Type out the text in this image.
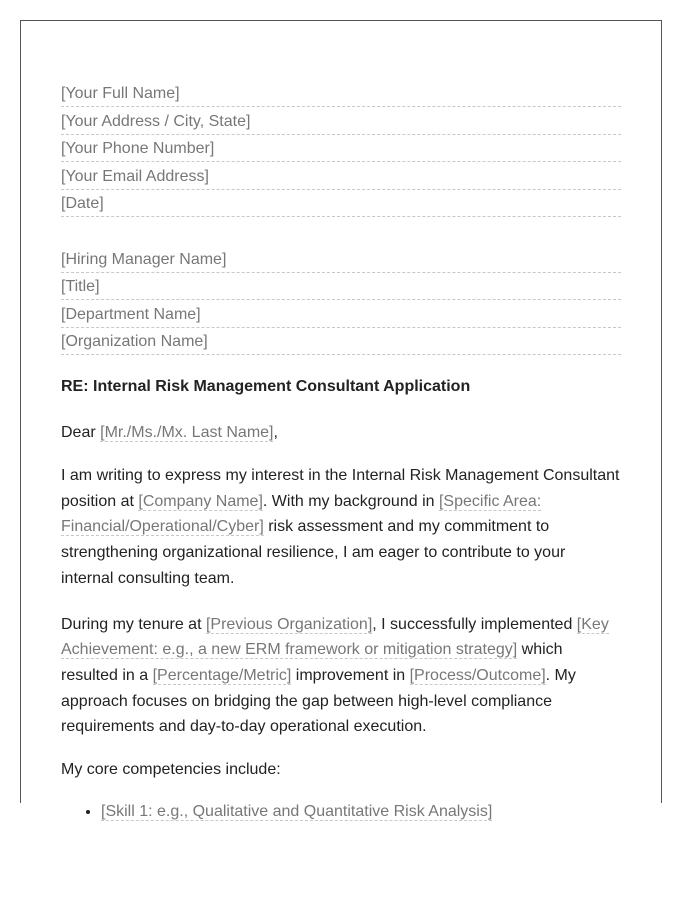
[Your Full Name]
[Your Address / City, State]
[Your Phone Number]
[Your Email Address]
[Date]
[Hiring Manager Name]
[Title]
[Department Name]
[Organization Name]
RE: Internal Risk Management Consultant Application
Dear [Mr./Ms./Mx. Last Name],
I am writing to express my interest in the Internal Risk Management Consultant position at [Company Name]. With my background in [Specific Area: Financial/Operational/Cyber] risk assessment and my commitment to strengthening organizational resilience, I am eager to contribute to your internal consulting team.
During my tenure at [Previous Organization], I successfully implemented [Key Achievement: e.g., a new ERM framework or mitigation strategy] which resulted in a [Percentage/Metric] improvement in [Process/Outcome]. My approach focuses on bridging the gap between high-level compliance requirements and day-to-day operational execution.
My core competencies include:
• [Skill 1: e.g., Qualitative and Quantitative Risk Analysis]
